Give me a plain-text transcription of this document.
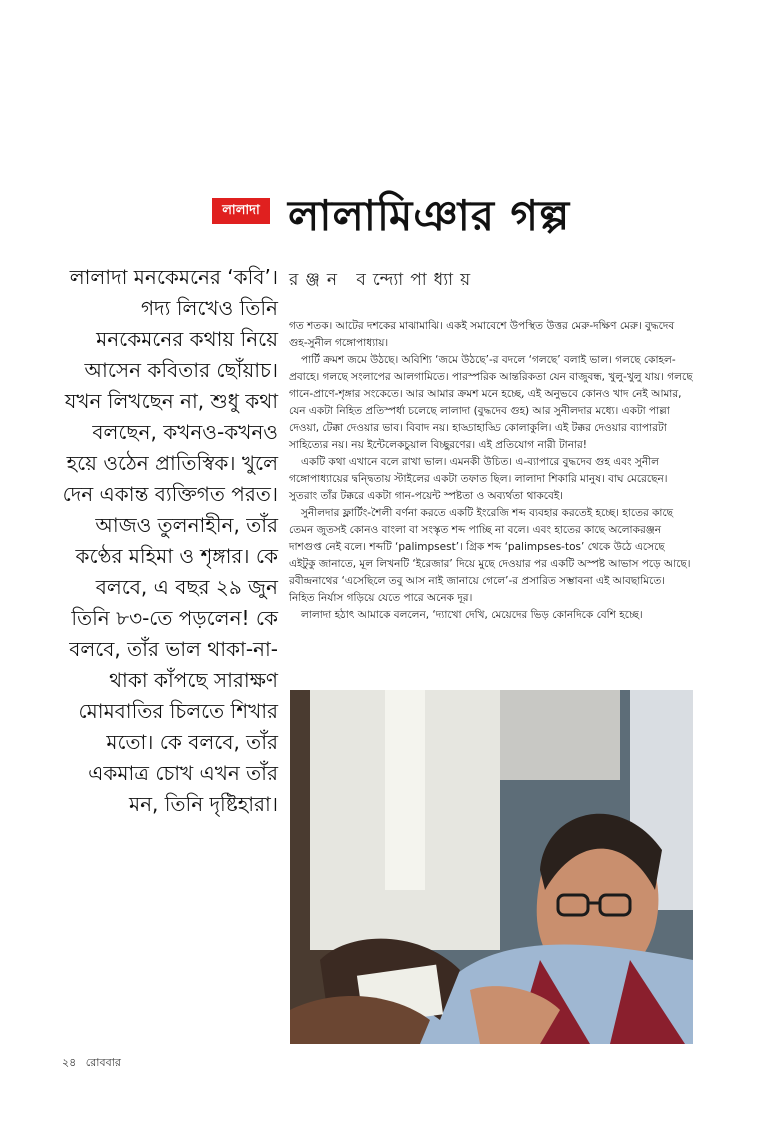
লালাদা লালামিঞার গল্প
রঞ্জন বন্দ্যোপাধ্যায়
লালাদা মনকেমনের ‘কবি’। গদ্য লিখেও তিনি মনকেমনের কথায় নিয়ে আসেন কবিতার ছোঁয়াচ। যখন লিখছেন না, শুধু কথা বলছেন, কখনও-কখনও হয়ে ওঠেন প্রাতিস্বিক। খুলে দেন একান্ত ব্যক্তিগত পরত। আজও তুলনাহীন, তাঁর কণ্ঠের মহিমা ও শৃঙ্গার। কে বলবে, এ বছর ২৯ জুন তিনি ৮৩-তে পড়লেন! কে বলবে, তাঁর ভাল থাকা-না-থাকা কাঁপছে সারাক্ষণ মোমবাতির চিলতে শিখার মতো। কে বলবে, তাঁর একমাত্র চোখ এখন তাঁর মন, তিনি দৃষ্টিহারা।

গত শতক। আটের দশকের মাঝামাঝি। একই সমাবেশে উপস্থিত উত্তর মেরু-দক্ষিণ মেরু। বুদ্ধদেব গুহ-সুনীল গঙ্গোপাধ্যায়।

পার্টি ক্রমশ জমে উঠছে। অবিশ্যি ‘জমে উঠছে’-র বদলে ‘গলছে’ বলাই ভাল। গলছে কোহল-প্রবাহে। গলছে সংলাপের আলগামিতে। পারস্পরিক আন্তরিকতা যেন বাজুবন্ধ, খুলু-খুলু যায়। গলছে গানে-প্রাণে-শৃঙ্গার সংকেতে। আর আমার ক্রমশ মনে হচ্ছে, এই অনুভবে কোনও খাদ নেই আমার, যেন একটা নিহিত প্রতিস্পর্ধা চলেছে লালাদা (বুদ্ধদেব গুহ) আর সুনীলদার মধ্যে। একটা পাল্লা দেওয়া, টেক্কা দেওয়ার ভাব। বিবাদ নয়। হাড্ডাহাড্ডি কোলাকুলি। এই টক্কর দেওয়ার ব্যাপারটা সাহিত্যের নয়। নয় ইন্টেলেকচুয়াল বিচ্ছুরণের। এই প্রতিযোগ নারী টানার!

একটি কথা এখানে বলে রাখা ভাল। এমনকী উচিত। এ-ব্যাপারে বুদ্ধদেব গুহ এবং সুনীল গঙ্গোপাধ্যায়ের দ্বন্দ্বিতায় স্টাইলের একটা তফাত ছিল। লালাদা শিকারি মানুষ। বাঘ মেরেছেন। সুতরাং তাঁর টক্করে একটা গান-পয়েন্ট স্পষ্টতা ও অব্যর্থতা থাকবেই।

সুনীলদার ফ্লার্টিং-শৈলী বর্ণনা করতে একটি ইংরেজি শব্দ ব্যবহার করতেই হচ্ছে। হাতের কাছে তেমন জুতসই কোনও বাংলা বা সংস্কৃত শব্দ পাচ্ছি না বলে। এবং হাতের কাছে অলোকরঞ্জন দাশগুপ্ত নেই বলে। শব্দটি ‘palimpsest’। গ্রিক শব্দ ‘palimpses-tos’ থেকে উঠে এসেছে এইটুকু জানাতে, মূল লিখনটি ‘ইরেজার’ দিয়ে মুছে দেওয়ার পর একটি অস্পষ্ট আভাস পড়ে আছে। রবীন্দ্রনাথের ‘এসেছিলে তবু আস নাই জানায়ে গেলে’-র প্রসারিত সম্ভাবনা এই আবছামিতে। নিহিত নির্যাস গড়িয়ে যেতে পারে অনেক দূর।

লালাদা হঠাৎ আমাকে বললেন, ‘দ্যাখো দেখি, মেয়েদের ভিড় কোনদিকে বেশি হচ্ছে।

২৪ রোববার
